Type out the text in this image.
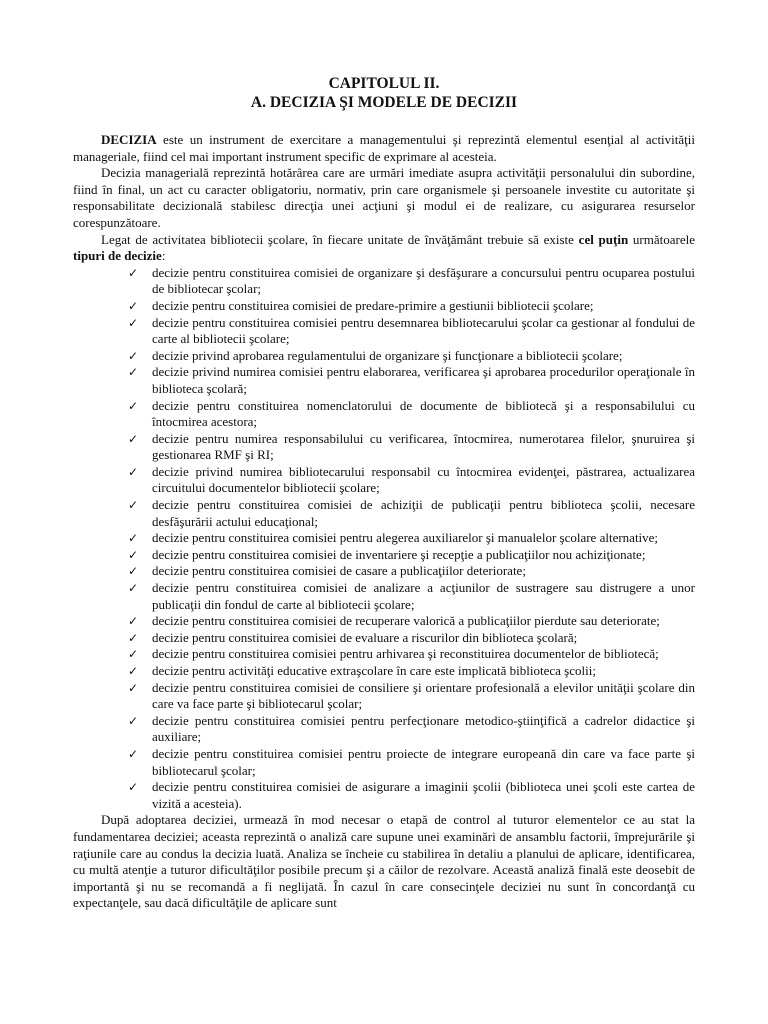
CAPITOLUL II.
A. DECIZIA ŞI MODELE DE DECIZII

DECIZIA este un instrument de exercitare a managementului şi reprezintă elementul esenţial al activităţii manageriale, fiind cel mai important instrument specific de exprimare al acesteia.

Decizia managerială reprezintă hotărârea care are urmări imediate asupra activităţii personalului din subordine, fiind în final, un act cu caracter obligatoriu, normativ, prin care organismele şi persoanele investite cu autoritate şi responsabilitate decizională stabilesc direcţia unei acţiuni şi modul ei de realizare, cu asigurarea resurselor corespunzătoare.

Legat de activitatea bibliotecii şcolare, în fiecare unitate de învăţământ trebuie să existe cel puţin următoarele tipuri de decizie:

✓ decizie pentru constituirea comisiei de organizare şi desfăşurare a concursului pentru ocuparea postului de bibliotecar şcolar;
✓ decizie pentru constituirea comisiei de predare-primire a gestiunii bibliotecii şcolare;
✓ decizie pentru constituirea comisiei pentru desemnarea bibliotecarului şcolar ca gestionar al fondului de carte al bibliotecii şcolare;
✓ decizie privind aprobarea regulamentului de organizare şi funcţionare a bibliotecii şcolare;
✓ decizie privind numirea comisiei pentru elaborarea, verificarea şi aprobarea procedurilor operaţionale în biblioteca şcolară;
✓ decizie pentru constituirea nomenclatorului de documente de bibliotecă şi a responsabilului cu întocmirea acestora;
✓ decizie pentru numirea responsabilului cu verificarea, întocmirea, numerotarea filelor, şnuruirea şi gestionarea RMF şi RI;
✓ decizie privind numirea bibliotecarului responsabil cu întocmirea evidenţei, păstrarea, actualizarea circuitului documentelor bibliotecii şcolare;
✓ decizie pentru constituirea comisiei de achiziţii de publicaţii pentru biblioteca şcolii, necesare desfăşurării actului educaţional;
✓ decizie pentru constituirea comisiei pentru alegerea auxiliarelor şi manualelor şcolare alternative;
✓ decizie pentru constituirea comisiei de inventariere şi recepţie a publicaţiilor nou achiziţionate;
✓ decizie pentru constituirea comisiei de casare a publicaţiilor deteriorate;
✓ decizie pentru constituirea comisiei de analizare a acţiunilor de sustragere sau distrugere a unor publicaţii din fondul de carte al bibliotecii şcolare;
✓ decizie pentru constituirea comisiei de recuperare valorică a publicaţiilor pierdute sau deteriorate;
✓ decizie pentru constituirea comisiei de evaluare a riscurilor din biblioteca şcolară;
✓ decizie pentru constituirea comisiei pentru arhivarea şi reconstituirea documentelor de bibliotecă;
✓ decizie pentru activităţi educative extraşcolare în care este implicată biblioteca şcolii;
✓ decizie pentru constituirea comisiei de consiliere şi orientare profesională a elevilor unităţii şcolare din care va face parte şi bibliotecarul şcolar;
✓ decizie pentru constituirea comisiei pentru perfecţionare metodico-ştiinţifică a cadrelor didactice şi auxiliare;
✓ decizie pentru constituirea comisiei pentru proiecte de integrare europeană din care va face parte şi bibliotecarul şcolar;
✓ decizie pentru constituirea comisiei de asigurare a imaginii şcolii (biblioteca unei şcoli este cartea de vizită a acesteia).

După adoptarea deciziei, urmează în mod necesar o etapă de control al tuturor elementelor ce au stat la fundamentarea deciziei; aceasta reprezintă o analiză care supune unei examinări de ansamblu factorii, împrejurările şi raţiunile care au condus la decizia luată. Analiza se încheie cu stabilirea în detaliu a planului de aplicare, identificarea, cu multă atenţie a tuturor dificultăţilor posibile precum şi a căilor de rezolvare. Această analiză finală este deosebit de importantă şi nu se recomandă a fi neglijată. În cazul în care consecinţele deciziei nu sunt în concordanţă cu expectanţele, sau dacă dificultăţile de aplicare sunt
